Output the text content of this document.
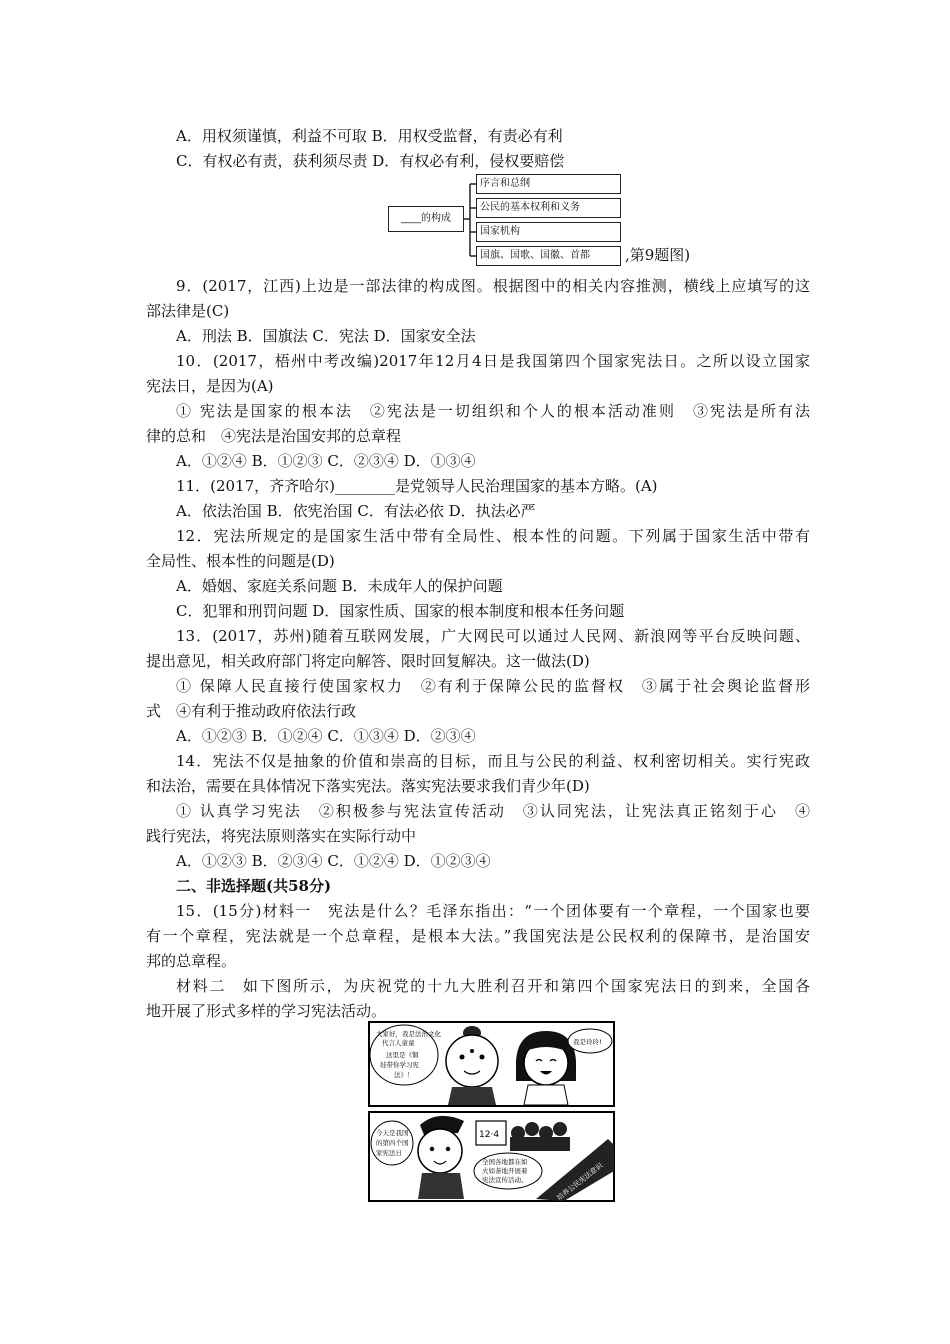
A．用权须谨慎，利益不可取 B．用权受监督，有责必有利
C．有权必有责，获利须尽责 D．有权必有利，侵权要赔偿
____的构成
序言和总纲
公民的基本权利和义务
国家机构
国旗、国歌、国徽、首都	,第9题图)
9．(2017，江西)上边是一部法律的构成图。根据图中的相关内容推测，横线上应填写的这
部法律是(C)
A．刑法 B．国旗法 C．宪法 D．国家安全法
10．(2017，梧州中考改编)2017年12月4日是我国第四个国家宪法日。之所以设立国家
宪法日，是因为(A)
① 宪法是国家的根本法　②宪法是一切组织和个人的根本活动准则　③宪法是所有法
律的总和　④宪法是治国安邦的总章程
A．①②④ B．①②③ C．②③④ D．①③④
11．(2017，齐齐哈尔)________是党领导人民治理国家的基本方略。(A)
A．依法治国 B．依宪治国 C．有法必依 D．执法必严
12．宪法所规定的是国家生活中带有全局性、根本性的问题。下列属于国家生活中带有
全局性、根本性的问题是(D)
A．婚姻、家庭关系问题 B．未成年人的保护问题
C．犯罪和刑罚问题 D．国家性质、国家的根本制度和根本任务问题
13．(2017，苏州)随着互联网发展，广大网民可以通过人民网、新浪网等平台反映问题、
提出意见，相关政府部门将定向解答、限时回复解决。这一做法(D)
① 保障人民直接行使国家权力　②有利于保障公民的监督权　③属于社会舆论监督形
式　④有利于推动政府依法行政
A．①②③ B．①②④ C．①③④ D．②③④
14．宪法不仅是抽象的价值和崇高的目标，而且与公民的利益、权利密切相关。实行宪政
和法治，需要在具体情况下落实宪法。落实宪法要求我们青少年(D)
① 认真学习宪法　②积极参与宪法宣传活动　③认同宪法，让宪法真正铭刻于心　④
践行宪法，将宪法原则落实在实际行动中
A．①②③ B．②③④ C．①②④ D．①②③④
二、非选择题(共58分)
15．(15分)材料一　宪法是什么？毛泽东指出：“一个团体要有一个章程，一个国家也要
有一个章程，宪法就是一个总章程，是根本大法。”我国宪法是公民权利的保障书，是治国安
邦的总章程。
材料二　如下图所示，为庆祝党的十九大胜利召开和第四个国家宪法日的到来，全国各
地开展了形式多样的学习宪法活动。
大家好，我是法治文化
代言人童童
这里是《铜
娃带你学习宪
法》！
我是玲玲!
今天是我国
的第四个国
家宪法日
12·4
全国各地都在如
火如荼地开展着
宪法宣传活动。	培养公民宪法意识
